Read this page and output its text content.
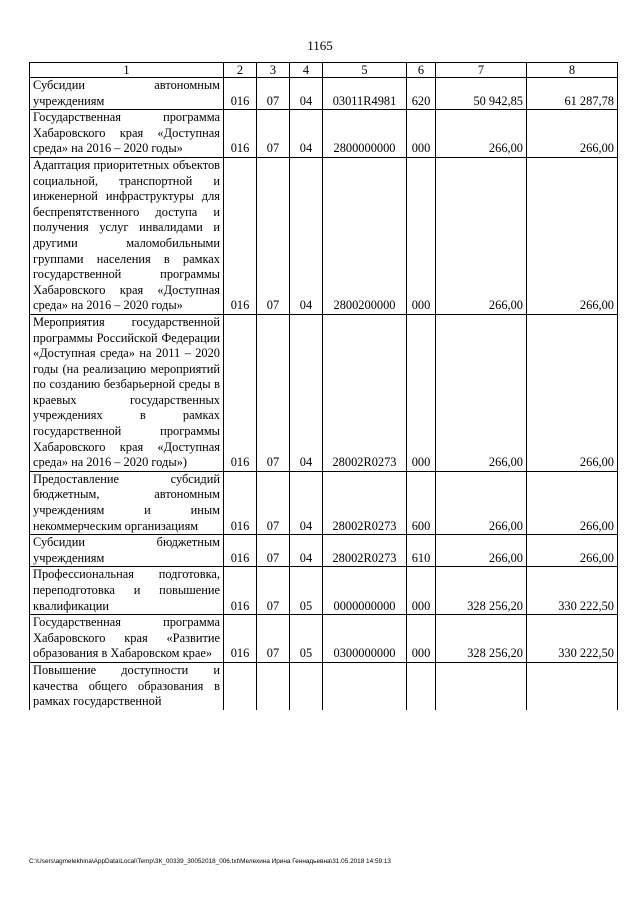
1165
1	2	3	4	5	6	7	8
Субсидии автономным учреждениям	016	07	04	03011R4981	620	50 942,85	61 287,78
Государственная программа Хабаровского края «Доступная среда» на 2016 – 2020 годы»	016	07	04	2800000000	000	266,00	266,00
Адаптация приоритетных объектов социальной, транспортной и инженерной инфраструктуры для беспрепятственного доступа и получения услуг инвалидами и другими маломобильными группами населения в рамках государственной программы Хабаровского края «Доступная среда» на 2016 – 2020 годы»	016	07	04	2800200000	000	266,00	266,00
Мероприятия государственной программы Российской Федерации «Доступная среда» на 2011 – 2020 годы (на реализацию мероприятий по созданию безбарьерной среды в краевых государственных учреждениях в рамках государственной программы Хабаровского края «Доступная среда» на 2016 – 2020 годы»)	016	07	04	28002R0273	000	266,00	266,00
Предоставление субсидий бюджетным, автономным учреждениям и иным некоммерческим организациям	016	07	04	28002R0273	600	266,00	266,00
Субсидии бюджетным учреждениям	016	07	04	28002R0273	610	266,00	266,00
Профессиональная подготовка, переподготовка и повышение квалификации	016	07	05	0000000000	000	328 256,20	330 222,50
Государственная программа Хабаровского края «Развитие образования в Хабаровском крае»	016	07	05	0300000000	000	328 256,20	330 222,50
Повышение доступности и качества общего образования в рамках государственной							
C:\Users\agmelekhina\AppData\Local\Temp\ЗК_00339_30052018_006.txt\Мелехина Ирина Геннадьевна\31.05.2018 14:59:13
